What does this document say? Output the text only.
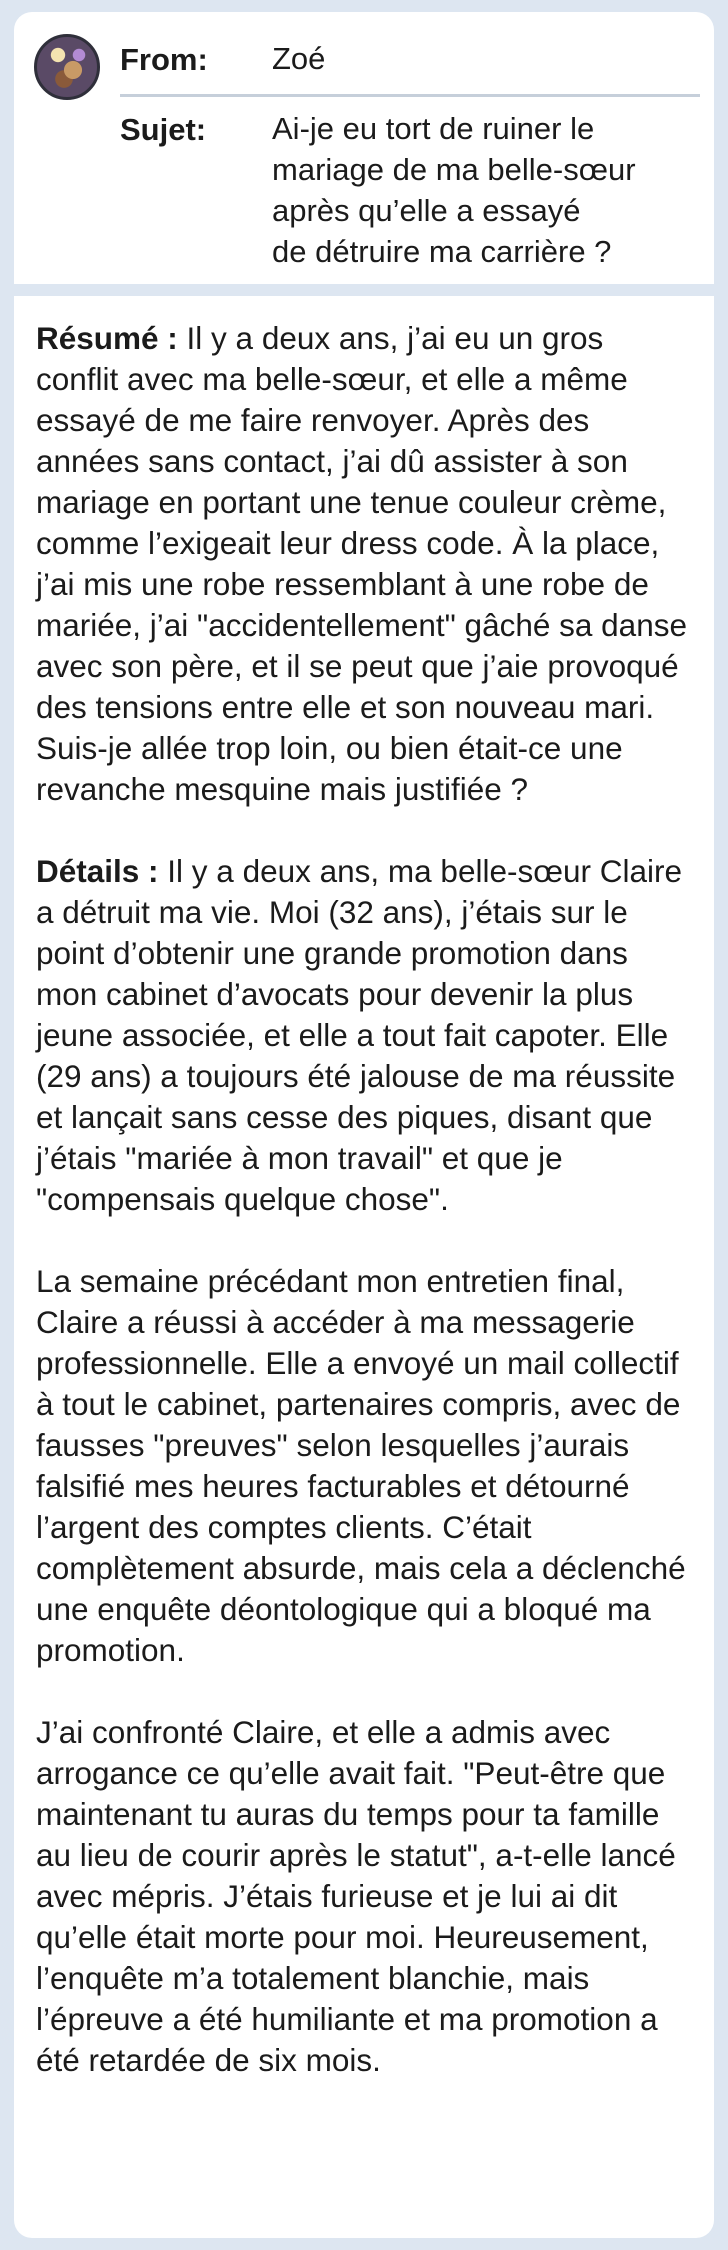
From: Zoé
Sujet: Ai-je eu tort de ruiner le
mariage de ma belle-sœur
après qu’elle a essayé
de détruire ma carrière ?

Résumé : Il y a deux ans, j’ai eu un gros conflit avec ma belle-sœur, et elle a même essayé de me faire renvoyer. Après des années sans contact, j’ai dû assister à son mariage en portant une tenue couleur crème, comme l’exigeait leur dress code. À la place, j’ai mis une robe ressemblant à une robe de mariée, j’ai "accidentellement" gâché sa danse avec son père, et il se peut que j’aie provoqué des tensions entre elle et son nouveau mari. Suis-je allée trop loin, ou bien était-ce une revanche mesquine mais justifiée ?

Détails : Il y a deux ans, ma belle-sœur Claire a détruit ma vie. Moi (32 ans), j’étais sur le point d’obtenir une grande promotion dans mon cabinet d’avocats pour devenir la plus jeune associée, et elle a tout fait capoter. Elle (29 ans) a toujours été jalouse de ma réussite et lançait sans cesse des piques, disant que j’étais "mariée à mon travail" et que je "compensais quelque chose".

La semaine précédant mon entretien final, Claire a réussi à accéder à ma messagerie professionnelle. Elle a envoyé un mail collectif à tout le cabinet, partenaires compris, avec de fausses "preuves" selon lesquelles j’aurais falsifié mes heures facturables et détourné l’argent des comptes clients. C’était complètement absurde, mais cela a déclenché une enquête déontologique qui a bloqué ma promotion.

J’ai confronté Claire, et elle a admis avec arrogance ce qu’elle avait fait. "Peut-être que maintenant tu auras du temps pour ta famille au lieu de courir après le statut", a-t-elle lancé avec mépris. J’étais furieuse et je lui ai dit qu’elle était morte pour moi. Heureusement, l’enquête m’a totalement blanchie, mais l’épreuve a été humiliante et ma promotion a été retardée de six mois.
